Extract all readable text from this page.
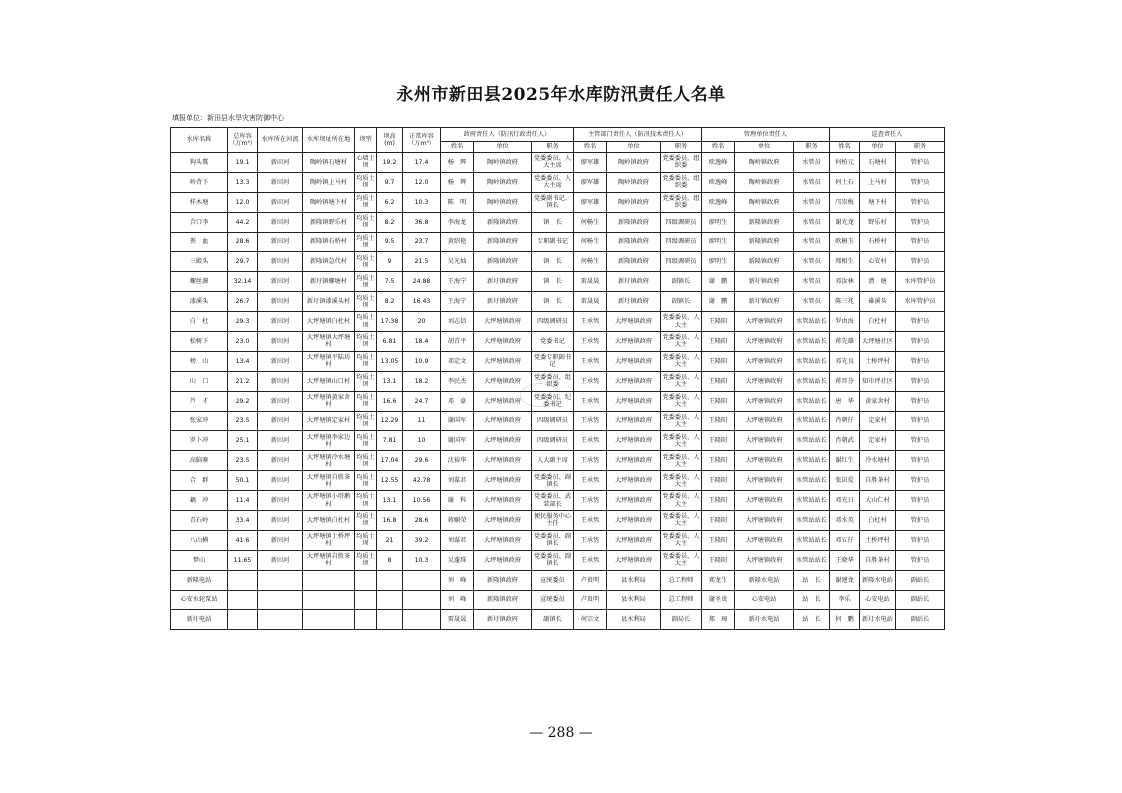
永州市新田县2025年水库防汛责任人名单
填报单位：新田县水旱灾害防御中心
水库名称	总库容（万m³）	水库所在河流	水库坝址所在地	坝型	坝高(m)	正常库容（万m³）	政府责任人（防汛行政责任人）			主管部门责任人（防汛技术责任人）			管理单位责任人			巡查责任人		
							姓名	单位	职务	姓名	单位	职务	姓名	单位	职务	姓名	单位	职务
狗头冀	19.1	新田河	陶岭镇石塘村	心墙土坝	19.2	17.4	杨　辉	陶岭镇政府	党委委员、人大主席	廖军雄	陶岭镇政府	党委委员、组织委	欧逸峰	陶岭镇政府	水管员	何柏元	石塘村	管护员
岭背下	13.3	新田河	陶岭镇上马村	均质土坝	9.7	12.0	杨　辉	陶岭镇政府	党委委员、人大主席	廖军雄	陶岭镇政府	党委委员、组织委	欧逸峰	陶岭镇政府	水管员	何土石	上马村	管护员
样木塘	12.0	新田河	陶岭镇塘下村	均质土坝	6.2	10.3	陈　明	陶岭镇政府	党委副书记、镇长	廖军雄	陶岭镇政府	党委委员、组织委	欧逸峰	陶岭镇政府	水管员	邝崇梅	塘下村	管护员
合口李	44.2	新田河	新隆镇野乐村	均质土坝	8.2	36.8	李海龙	新隆镇政府	镇　长	何畅生	新隆镇政府	四级调研员	廖明生	新隆镇政府	水管员	谢光龙	野乐村	管护员
粪　血	28.6	新田河	新隆镇石桥村	均质土坝	9.5	23.7	黄绍艳	新隆镇政府	专职副书记	何畅生	新隆镇政府	四级调研员	廖明生	新隆镇政府	水管员	欧桐玉	石桥村	管护员
三殿头	29.7	新田河	新隆镇急代村	均质土坝	9	21.5	吴光灿	新隆镇政府	镇　长	何畅生	新隆镇政府	四级调研员	廖明生	新隆镇政府	水管员	郑相生	心安村	管护员
螺丝源	32.14	新田河	新圩镇螺塘村	均质土坝	7.5	24.88	王海宁	新圩镇政府	镇　长	雷晟晟	新圩镇政府	副镇长	谢　鹏	新圩镇政府	水管员	邓汝林	漕　塘	水库管护员
漆溪头	26.7	新田河	新圩镇漆溪头村	均质土坝	8.2	16.43	王海宁	新圩镇政府	镇　长	雷晟晟	新圩镇政府	副镇长	谢　鹏	新圩镇政府	水管员	陈三兆	碓溪头	水库管护员
白　杜	29.3	新田河	大坪塘镇白杜村	均质土坝	17.38	20	刘志信	大坪塘镇政府	四级调研员	王承隽	大坪塘镇政府	党委委员、人大主	王隆阳	大坪塘镇政府	水管站站长	罗由海	白杜村	管护员
松树下	23.0	新田河	大坪塘镇大坪塘村	均质土坝	6.81	18.4	胡青平	大坪塘镇政府	党委书记	王承隽	大坪塘镇政府	党委委员、人大主	王隆阳	大坪塘镇政府	水管站站长	蒋先雄	大坪塘社区	管护员
榜　山	13.4	新田河	大坪塘镇平陆坊村	均质土坝	13.05	10.9	邓定文	大坪塘镇政府	党委专职副书记	王承隽	大坪塘镇政府	党委委员、人大主	王隆阳	大坪塘镇政府	水管站站长	邓光良	土桥坪村	管护员
山　口	21.2	新田河	大坪塘镇山口村	均质土坝	13.1	18.2	李民杰	大坪塘镇政府	党委委员、组织委	王承隽	大坪塘镇政府	党委委员、人大主	王隆阳	大坪塘镇政府	水管站站长	蒋晋芬	知市坪社区	管护员
芦　才	29.2	新田河	大坪塘镇黄家舍村	均质土坝	16.6	24.7	邓　豪	大坪塘镇政府	党委委员、纪委书记	王承隽	大坪塘镇政府	党委委员、人大主	王隆阳	大坪塘镇政府	水管站站长	唐　华	黄家舍村	管护员
张家冲	23.5	新田河	大坪塘镇定家村	均质土坝	12.29	11	谢国军	大坪塘镇政府	四级调研员	王承隽	大坪塘镇政府	党委委员、人大主	王隆阳	大坪塘镇政府	水管站站长	肖朝仔	定家村	管护员
罗卜冲	25.1	新田河	大坪塘镇李家边村	均质土坝	7.81	10	谢国军	大坪塘镇政府	四级调研员	王承隽	大坪塘镇政府	党委委员、人大主	王隆阳	大坪塘镇政府	水管站站长	肖朝武	定家村	管护员
高脑寨	23.5	新田河	大坪塘镇冷水塘村	均质土坝	17.04	29.6	沈裕华	大坪塘镇政府	人大副主席	王承隽	大坪塘镇政府	党委委员、人大主	王隆阳	大坪塘镇政府	水管站站长	谢红生	冷水塘村	管护员
合　群	50.1	新田河	大坪塘镇自胜茶村	均质土坝	12.55	42.78	刘谋君	大坪塘镇政府	党委委员、副镇长	王承隽	大坪塘镇政府	党委委员、人大主	王隆阳	大坪塘镇政府	水管站站长	张识爱	自胜茶村	管护员
藕　冲	11.4	新田河	大坪塘镇小塔鹅村	均质土坝	13.1	10.56	谢　科	大坪塘镇政府	党委委员、武装部长	王承隽	大坪塘镇政府	党委委员、人大主	王隆阳	大坪塘镇政府	水管站站长	邓光日	大山仁村	管护员
青石岭	33.4	新田河	大坪塘镇白杜村	均质土坝	16.8	28.6	蒋娴荣	大坪塘镇政府	便民服务中心主任	王承隽	大坪塘镇政府	党委委员、人大主	王隆阳	大坪塘镇政府	水管站站长	邓水英	白杜村	管护员
八山横	41.6	新田河	大坪塘镇土桥坪村	均质土坝	21	39.2	刘谋君	大坪塘镇政府	党委委员、副镇长	王承隽	大坪塘镇政府	党委委员、人大主	王隆阳	大坪塘镇政府	水管站站长	邓五仔	土桥坪村	管护员
梦山	11.65	新田河	大坪塘镇自胜茶村	均质土坝	8	10.3	吴蓬珠	大坪塘镇政府	党委委员、副镇长	王承隽	大坪塘镇政府	党委委员、人大主	王隆阳	大坪塘镇政府	水管站站长	王晓华	自胜茶村	管护员
新隆电站							刘　峰	新隆镇政府	宣统委员	卢贵明	县水利局	总工程师	郑龙生	新隆水电站	站　长	谢建龙	新隆水电站	副站长
心安水轮泵站							刘　峰	新隆镇政府	宣统委员	卢贵明	县水利局	总工程师	谢圣贵	心安电站	站　长	李乐	心安电站	副站长
新圩电站							雷晟晟	新圩镇政府	副镇长	何宗文	县水利局	副局长	郑　璋	新圩水电站	站　长	何　鹏	新圩水电站	副站长
— 288 —
